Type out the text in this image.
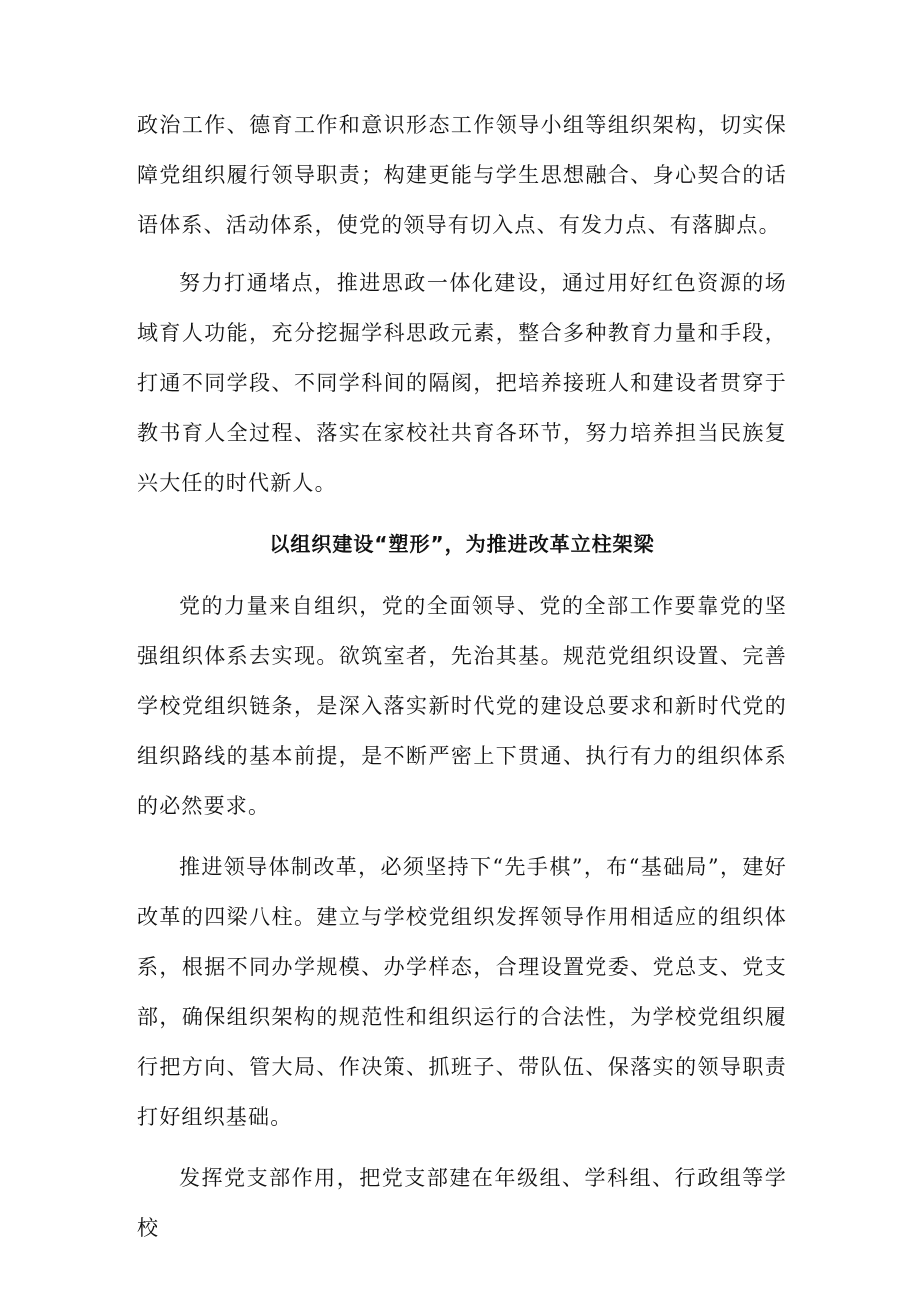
政治工作、德育工作和意识形态工作领导小组等组织架构，切实保障党组织履行领导职责；构建更能与学生思想融合、身心契合的话语体系、活动体系，使党的领导有切入点、有发力点、有落脚点。

努力打通堵点，推进思政一体化建设，通过用好红色资源的场域育人功能，充分挖掘学科思政元素，整合多种教育力量和手段，打通不同学段、不同学科间的隔阂，把培养接班人和建设者贯穿于教书育人全过程、落实在家校社共育各环节，努力培养担当民族复兴大任的时代新人。

以组织建设“塑形”，为推进改革立柱架梁

党的力量来自组织，党的全面领导、党的全部工作要靠党的坚强组织体系去实现。欲筑室者，先治其基。规范党组织设置、完善学校党组织链条，是深入落实新时代党的建设总要求和新时代党的组织路线的基本前提，是不断严密上下贯通、执行有力的组织体系的必然要求。

推进领导体制改革，必须坚持下“先手棋”，布“基础局”，建好改革的四梁八柱。建立与学校党组织发挥领导作用相适应的组织体系，根据不同办学规模、办学样态，合理设置党委、党总支、党支部，确保组织架构的规范性和组织运行的合法性，为学校党组织履行把方向、管大局、作决策、抓班子、带队伍、保落实的领导职责打好组织基础。

发挥党支部作用，把党支部建在年级组、学科组、行政组等学校
